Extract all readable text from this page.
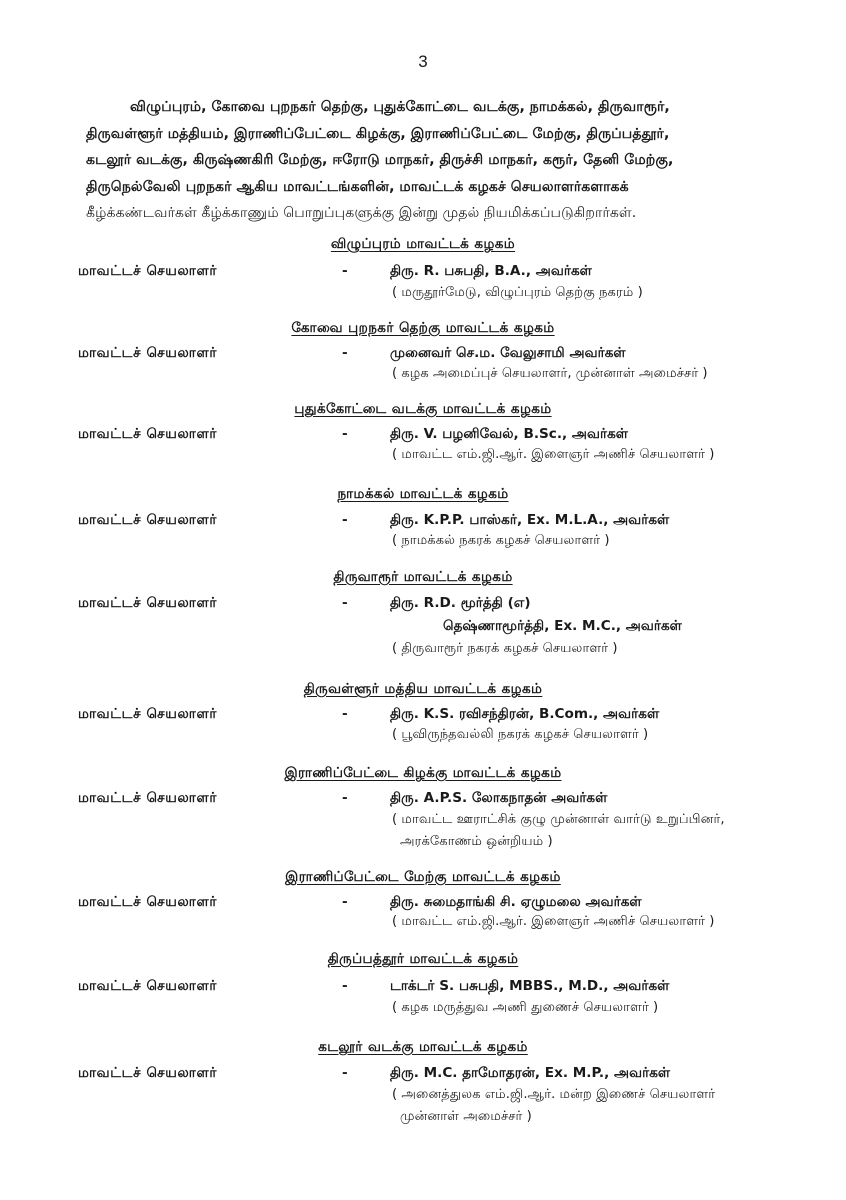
3
விழுப்புரம், கோவை புறநகர் தெற்கு, புதுக்கோட்டை வடக்கு, நாமக்கல், திருவாரூர்,
திருவள்ளூர் மத்தியம், இராணிப்பேட்டை கிழக்கு, இராணிப்பேட்டை மேற்கு, திருப்பத்தூர்,
கடலூர் வடக்கு, கிருஷ்ணகிரி மேற்கு, ஈரோடு மாநகர், திருச்சி மாநகர், கரூர், தேனி மேற்கு,
திருநெல்வேலி புறநகர் ஆகிய மாவட்டங்களின், மாவட்டக் கழகச் செயலாளர்களாகக்
கீழ்க்கண்டவர்கள் கீழ்க்காணும் பொறுப்புகளுக்கு இன்று முதல் நியமிக்கப்படுகிறார்கள்.
விழுப்புரம் மாவட்டக் கழகம்
மாவட்டச் செயலாளர்	-	திரு. R. பசுபதி, B.A., அவர்கள்
( மருதூர்மேடு, விழுப்புரம் தெற்கு நகரம் )
கோவை புறநகர் தெற்கு மாவட்டக் கழகம்
மாவட்டச் செயலாளர்	-	முனைவர் செ.ம. வேலுசாமி அவர்கள்
( கழக அமைப்புச் செயலாளர், முன்னாள் அமைச்சர் )
புதுக்கோட்டை வடக்கு மாவட்டக் கழகம்
மாவட்டச் செயலாளர்	-	திரு. V. பழனிவேல், B.Sc., அவர்கள்
( மாவட்ட எம்.ஜி.ஆர். இளைஞர் அணிச் செயலாளர் )
நாமக்கல் மாவட்டக் கழகம்
மாவட்டச் செயலாளர்	-	திரு. K.P.P. பாஸ்கர், Ex. M.L.A., அவர்கள்
( நாமக்கல் நகரக் கழகச் செயலாளர் )
திருவாரூர் மாவட்டக் கழகம்
மாவட்டச் செயலாளர்	-	திரு. R.D. மூர்த்தி (எ)
தெஷ்ணாமூர்த்தி, Ex. M.C., அவர்கள்
( திருவாரூர் நகரக் கழகச் செயலாளர் )
திருவள்ளூர் மத்திய மாவட்டக் கழகம்
மாவட்டச் செயலாளர்	-	திரு. K.S. ரவிசந்திரன், B.Com., அவர்கள்
( பூவிருந்தவல்லி நகரக் கழகச் செயலாளர் )
இராணிப்பேட்டை கிழக்கு மாவட்டக் கழகம்
மாவட்டச் செயலாளர்	-	திரு. A.P.S. லோகநாதன் அவர்கள்
( மாவட்ட ஊராட்சிக் குழு முன்னாள் வார்டு உறுப்பினர்,
அரக்கோணம் ஒன்றியம் )
இராணிப்பேட்டை மேற்கு மாவட்டக் கழகம்
மாவட்டச் செயலாளர்	-	திரு. சுமைதாங்கி சி. ஏழுமலை அவர்கள்
( மாவட்ட எம்.ஜி.ஆர். இளைஞர் அணிச் செயலாளர் )
திருப்பத்தூர் மாவட்டக் கழகம்
மாவட்டச் செயலாளர்	-	டாக்டர் S. பசுபதி, MBBS., M.D., அவர்கள்
( கழக மருத்துவ அணி துணைச் செயலாளர் )
கடலூர் வடக்கு மாவட்டக் கழகம்
மாவட்டச் செயலாளர்	-	திரு. M.C. தாமோதரன், Ex. M.P., அவர்கள்
( அனைத்துலக எம்.ஜி.ஆர். மன்ற இணைச் செயலாளர்
முன்னாள் அமைச்சர் )
